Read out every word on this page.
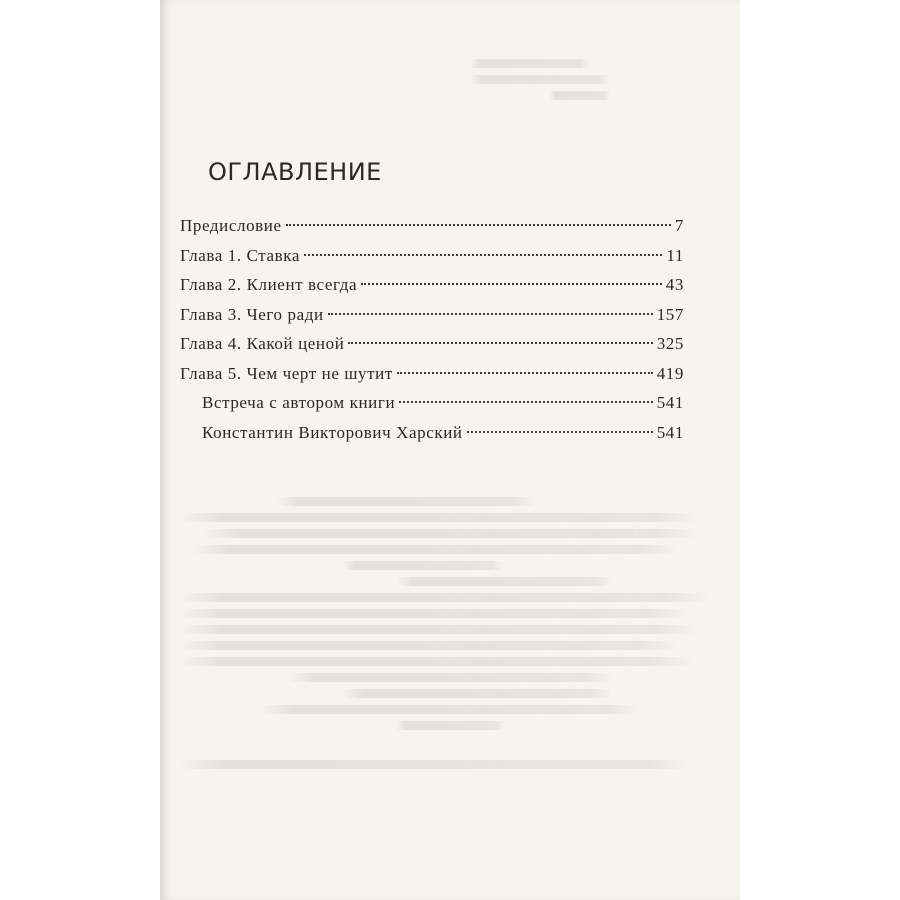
ОГЛАВЛЕНИЕ
Предисловие	7
Глава 1. Ставка	11
Глава 2. Клиент всегда	43
Глава 3. Чего ради	157
Глава 4. Какой ценой	325
Глава 5. Чем черт не шутит	419
Встреча с автором книги	541
Константин Викторович Харский	541
